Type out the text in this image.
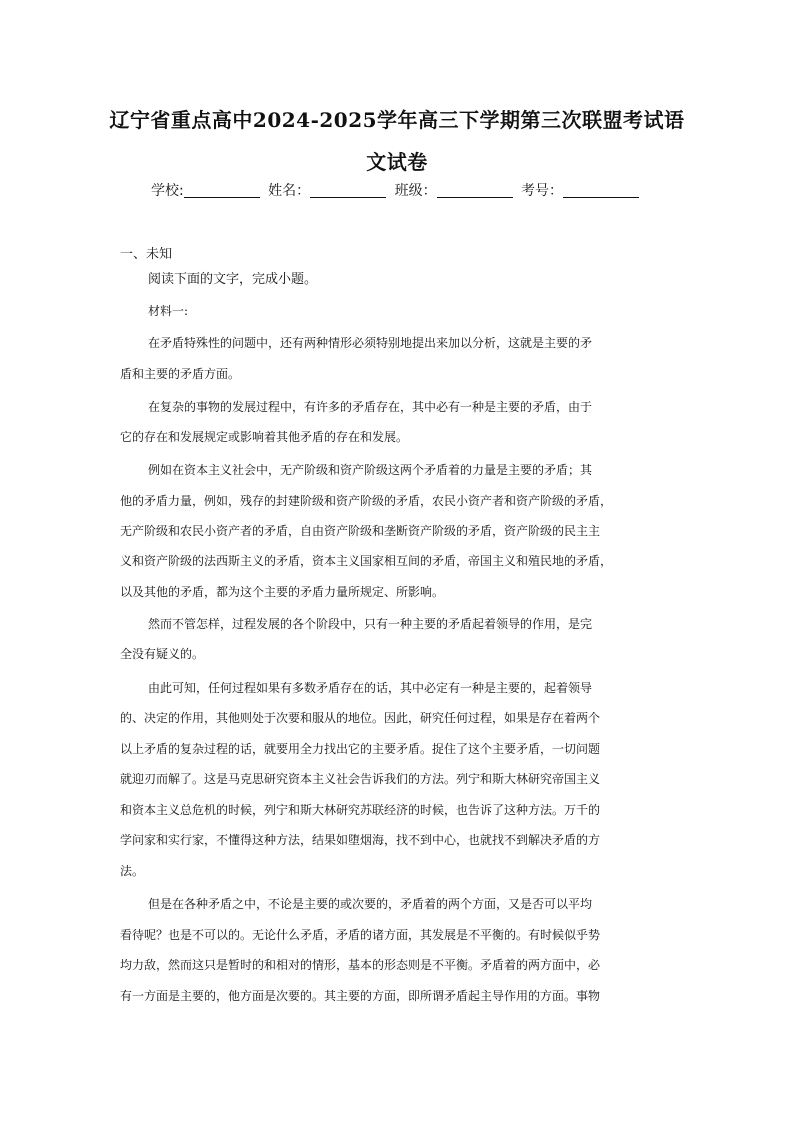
辽宁省重点高中2024-2025学年高三下学期第三次联盟考试语
文试卷
学校:	姓名：	班级：	考号：
一、未知
阅读下面的文字，完成小题。
材料一:
在矛盾特殊性的问题中，还有两种情形必须特别地提出来加以分析，这就是主要的矛
盾和主要的矛盾方面。
在复杂的事物的发展过程中，有许多的矛盾存在，其中必有一种是主要的矛盾，由于
它的存在和发展规定或影响着其他矛盾的存在和发展。
例如在资本主义社会中，无产阶级和资产阶级这两个矛盾着的力量是主要的矛盾；其
他的矛盾力量，例如，残存的封建阶级和资产阶级的矛盾，农民小资产者和资产阶级的矛盾，
无产阶级和农民小资产者的矛盾，自由资产阶级和垄断资产阶级的矛盾，资产阶级的民主主
义和资产阶级的法西斯主义的矛盾，资本主义国家相互间的矛盾，帝国主义和殖民地的矛盾，
以及其他的矛盾，都为这个主要的矛盾力量所规定、所影响。
然而不管怎样，过程发展的各个阶段中，只有一种主要的矛盾起着领导的作用，是完
全没有疑义的。
由此可知，任何过程如果有多数矛盾存在的话，其中必定有一种是主要的，起着领导
的、决定的作用，其他则处于次要和服从的地位。因此，研究任何过程，如果是存在着两个
以上矛盾的复杂过程的话，就要用全力找出它的主要矛盾。捉住了这个主要矛盾，一切问题
就迎刃而解了。这是马克思研究资本主义社会告诉我们的方法。列宁和斯大林研究帝国主义
和资本主义总危机的时候，列宁和斯大林研究苏联经济的时候，也告诉了这种方法。万千的
学问家和实行家，不懂得这种方法，结果如堕烟海，找不到中心，也就找不到解决矛盾的方
法。
但是在各种矛盾之中，不论是主要的或次要的，矛盾着的两个方面，又是否可以平均
看待呢？也是不可以的。无论什么矛盾，矛盾的诸方面，其发展是不平衡的。有时候似乎势
均力敌，然而这只是暂时的和相对的情形，基本的形态则是不平衡。矛盾着的两方面中，必
有一方面是主要的，他方面是次要的。其主要的方面，即所谓矛盾起主导作用的方面。事物
